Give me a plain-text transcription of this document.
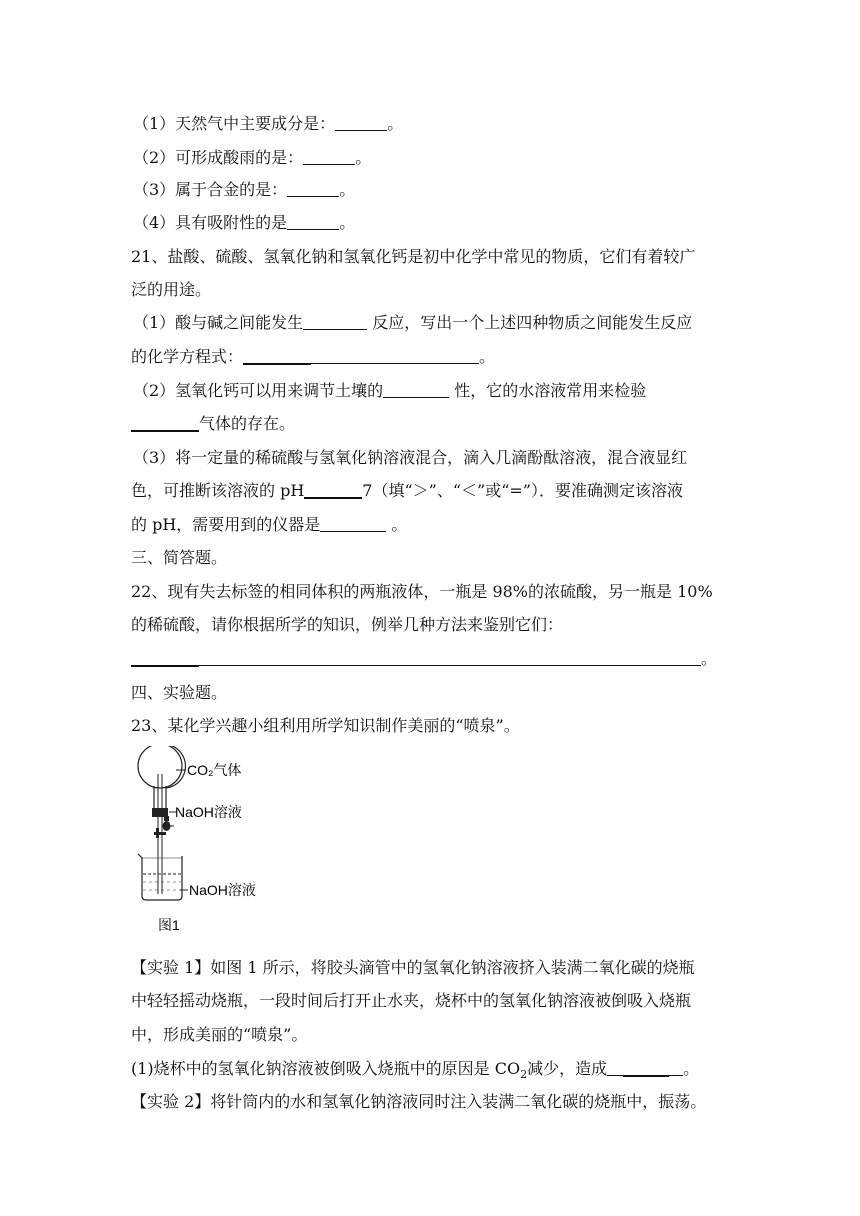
（1）天然气中主要成分是：	。
（2）可形成酸雨的是：	。
（3）属于合金的是：	。
（4）具有吸附性的是	。
21、盐酸、硫酸、氢氧化钠和氢氧化钙是初中化学中常见的物质，它们有着较广
泛的用途。
（1）酸与碱之间能发生	反应，写出一个上述四种物质之间能发生反应
的化学方程式：	。
（2）氢氧化钙可以用来调节土壤的	性，它的水溶液常用来检验
气体的存在。
（3）将一定量的稀硫酸与氢氧化钠溶液混合，滴入几滴酚酞溶液，混合液显红
色，可推断该溶液的 pH	7（填“＞”、“＜”或“=”）．要准确测定该溶液
的 pH，需要用到的仪器是	。
三、简答题。
22、现有失去标签的相同体积的两瓶液体，一瓶是 98%的浓硫酸，另一瓶是 10%
的稀硫酸，请你根据所学的知识，例举几种方法来鉴别它们：
。
四、实验题。
23、某化学兴趣小组利用所学知识制作美丽的“喷泉”。
CO₂气体
NaOH溶液
NaOH溶液
图1
【实验 1】如图 1 所示，将胶头滴管中的氢氧化钠溶液挤入装满二氧化碳的烧瓶
中轻轻摇动烧瓶，一段时间后打开止水夹，烧杯中的氢氧化钠溶液被倒吸入烧瓶
中，形成美丽的“喷泉”。
(1)烧杯中的氢氧化钠溶液被倒吸入烧瓶中的原因是 $CO_2$减少，造成	。
【实验 2】将针筒内的水和氢氧化钠溶液同时注入装满二氧化碳的烧瓶中，振荡。
